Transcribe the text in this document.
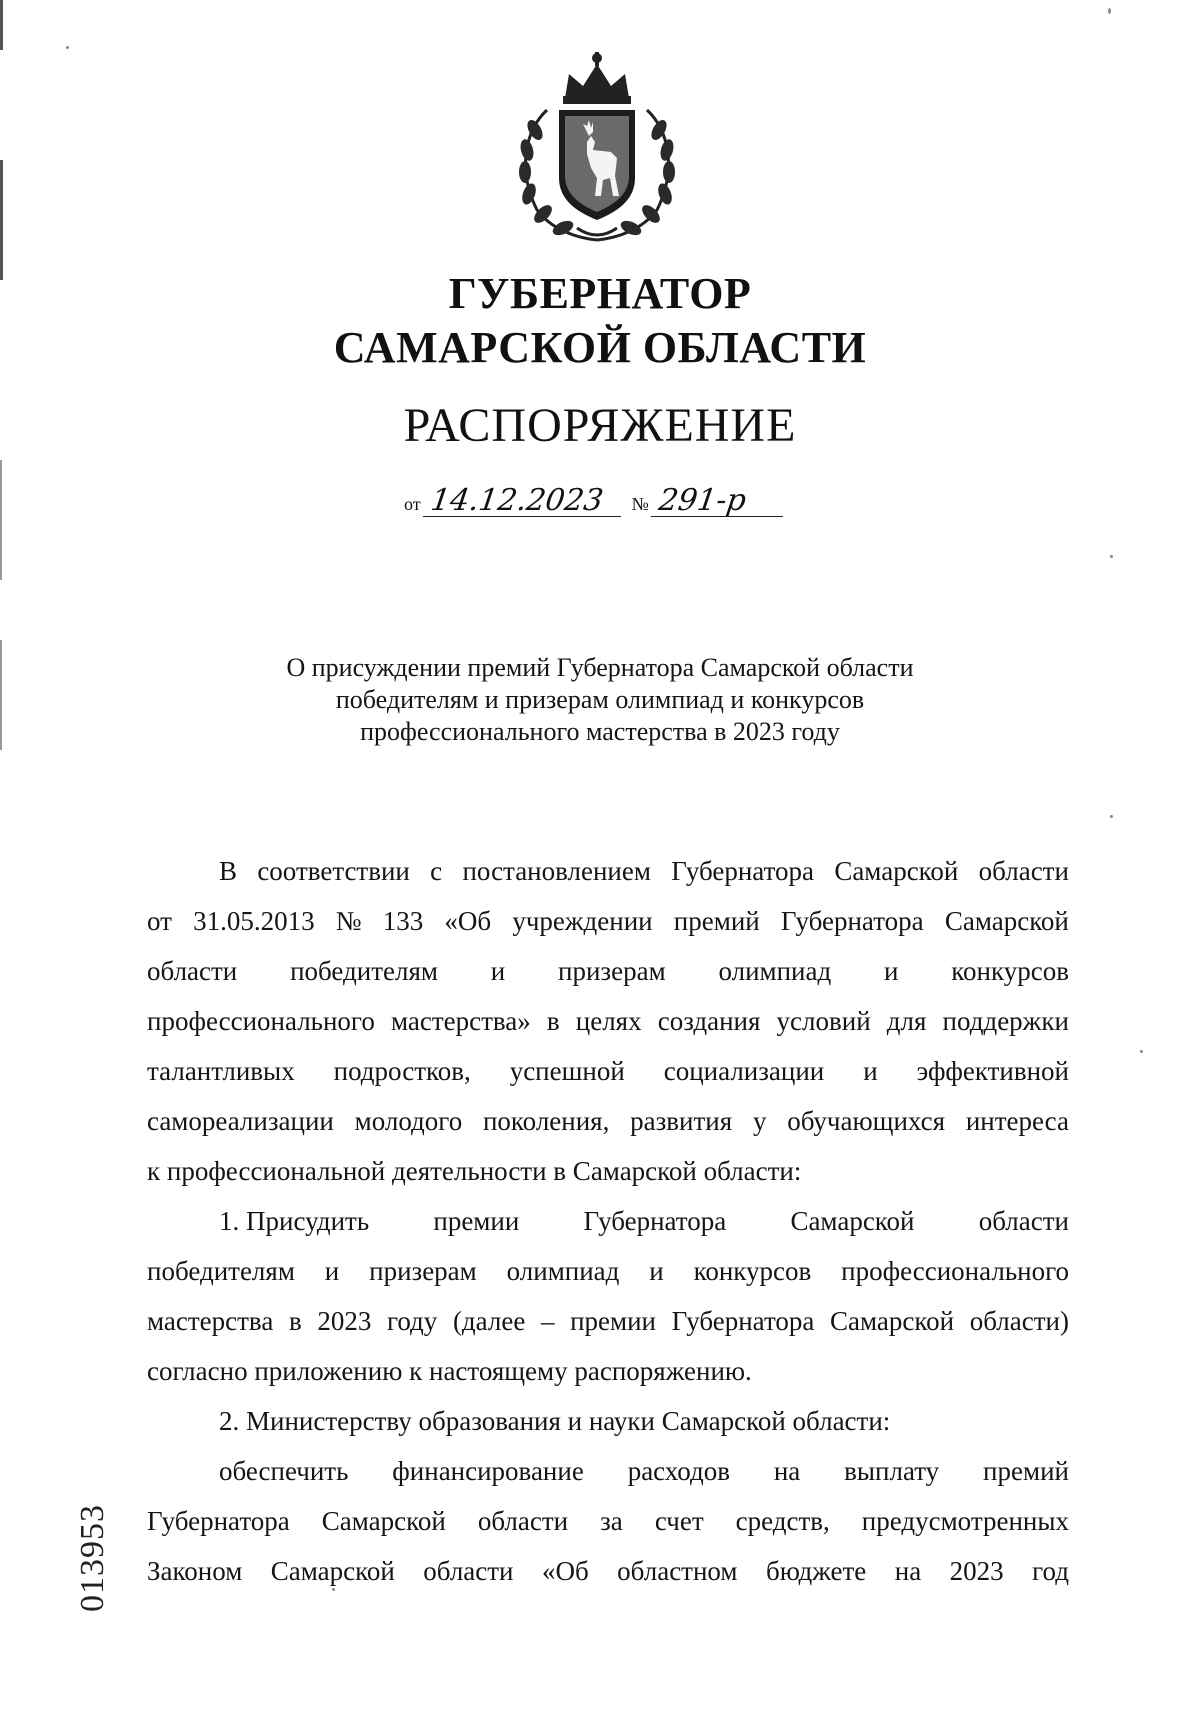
ГУБЕРНАТОР
САМАРСКОЙ ОБЛАСТИ
РАСПОРЯЖЕНИЕ
от 14.12.2023 № 291-р
О присуждении премий Губернатора Самарской области
победителям и призерам олимпиад и конкурсов
профессионального мастерства в 2023 году
В соответствии с постановлением Губернатора Самарской области
от 31.05.2013 № 133 «Об учреждении премий Губернатора Самарской
области победителям и призерам олимпиад и конкурсов
профессионального мастерства» в целях создания условий для поддержки
талантливых подростков, успешной социализации и эффективной
самореализации молодого поколения, развития у обучающихся интереса
к профессиональной деятельности в Самарской области:
1. Присудить премии Губернатора Самарской области
победителям и призерам олимпиад и конкурсов профессионального
мастерства в 2023 году (далее – премии Губернатора Самарской области)
согласно приложению к настоящему распоряжению.
2. Министерству образования и науки Самарской области:
обеспечить финансирование расходов на выплату премий
Губернатора Самарской области за счет средств, предусмотренных
Законом Самарской области «Об областном бюджете на 2023 год
013953
